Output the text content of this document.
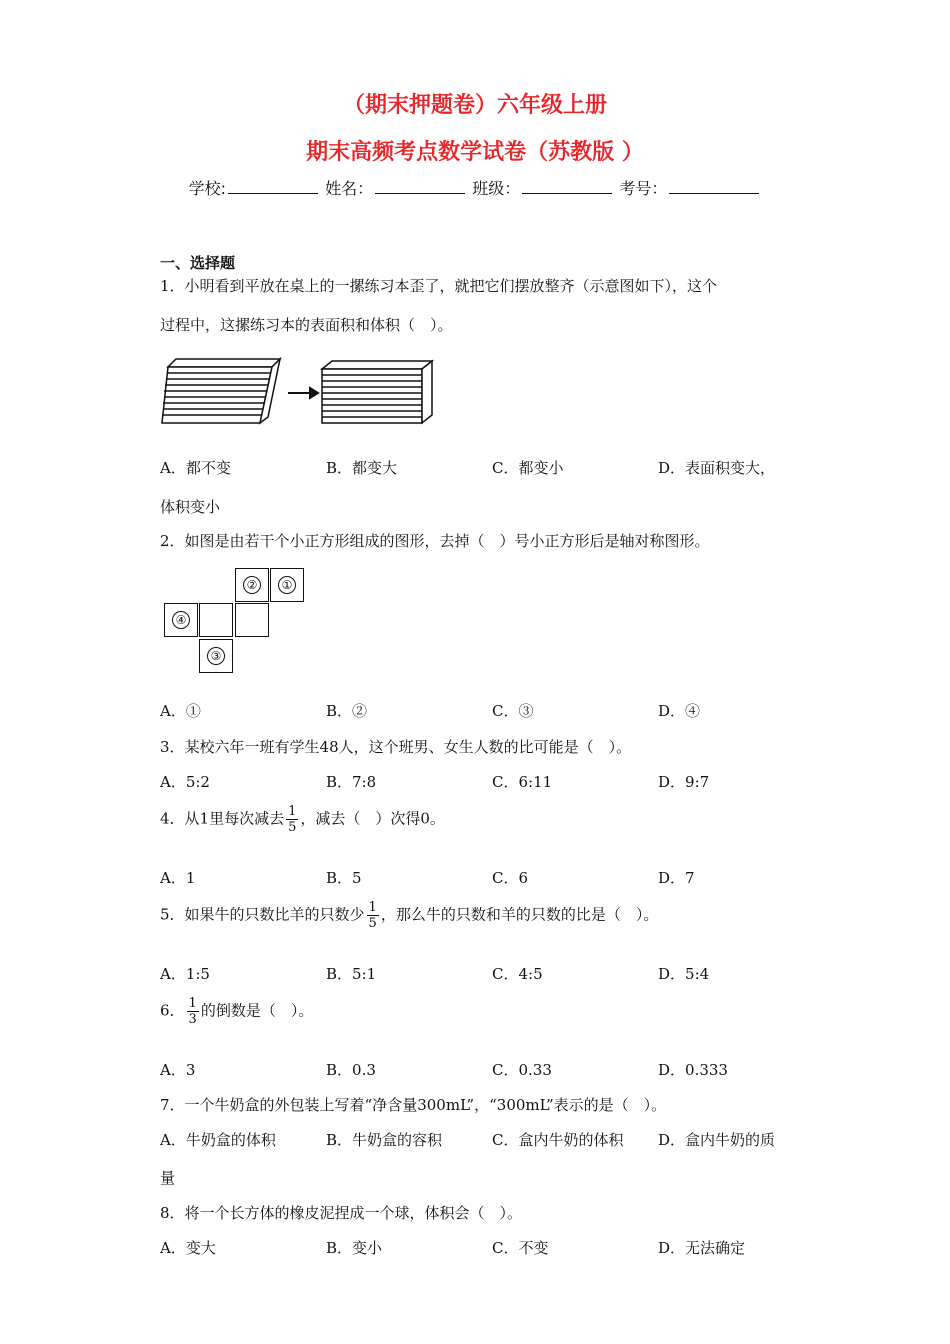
（期末押题卷）六年级上册
期末高频考点数学试卷（苏教版 ）
学校:	姓名：	班级：	考号：
一、选择题
1．小明看到平放在桌上的一摞练习本歪了，就把它们摆放整齐（示意图如下），这个
过程中，这摞练习本的表面积和体积（　）。
A．都不变	B．都变大	C．都变小	D．表面积变大，
体积变小
2．如图是由若干个小正方形组成的图形，去掉（　）号小正方形后是轴对称图形。
②	①
④
③
A．①	B．②	C．③	D．④
3．某校六年一班有学生48人，这个班男、女生人数的比可能是（　）。
A．5:2	B．7:8	C．6:11	D．9:7
4．从1里每次减去 $\frac{1}{5}$ ，减去（　）次得0。
A．1	B．5	C．6	D．7
5．如果牛的只数比羊的只数少 $\frac{1}{5}$ ，那么牛的只数和羊的只数的比是（　）。
A．1:5	B．5:1	C．4:5	D．5:4
6． $\frac{1}{3}$ 的倒数是（　）。
A．3	B．0.3	C．0.33	D．0.333
7．一个牛奶盒的外包装上写着“净含量300mL”，“300mL”表示的是（　）。
A．牛奶盒的体积	B．牛奶盒的容积	C．盒内牛奶的体积 D．盒内牛奶的质
量
8．将一个长方体的橡皮泥捏成一个球，体积会（　）。
A．变大	B．变小	C．不变	D．无法确定
